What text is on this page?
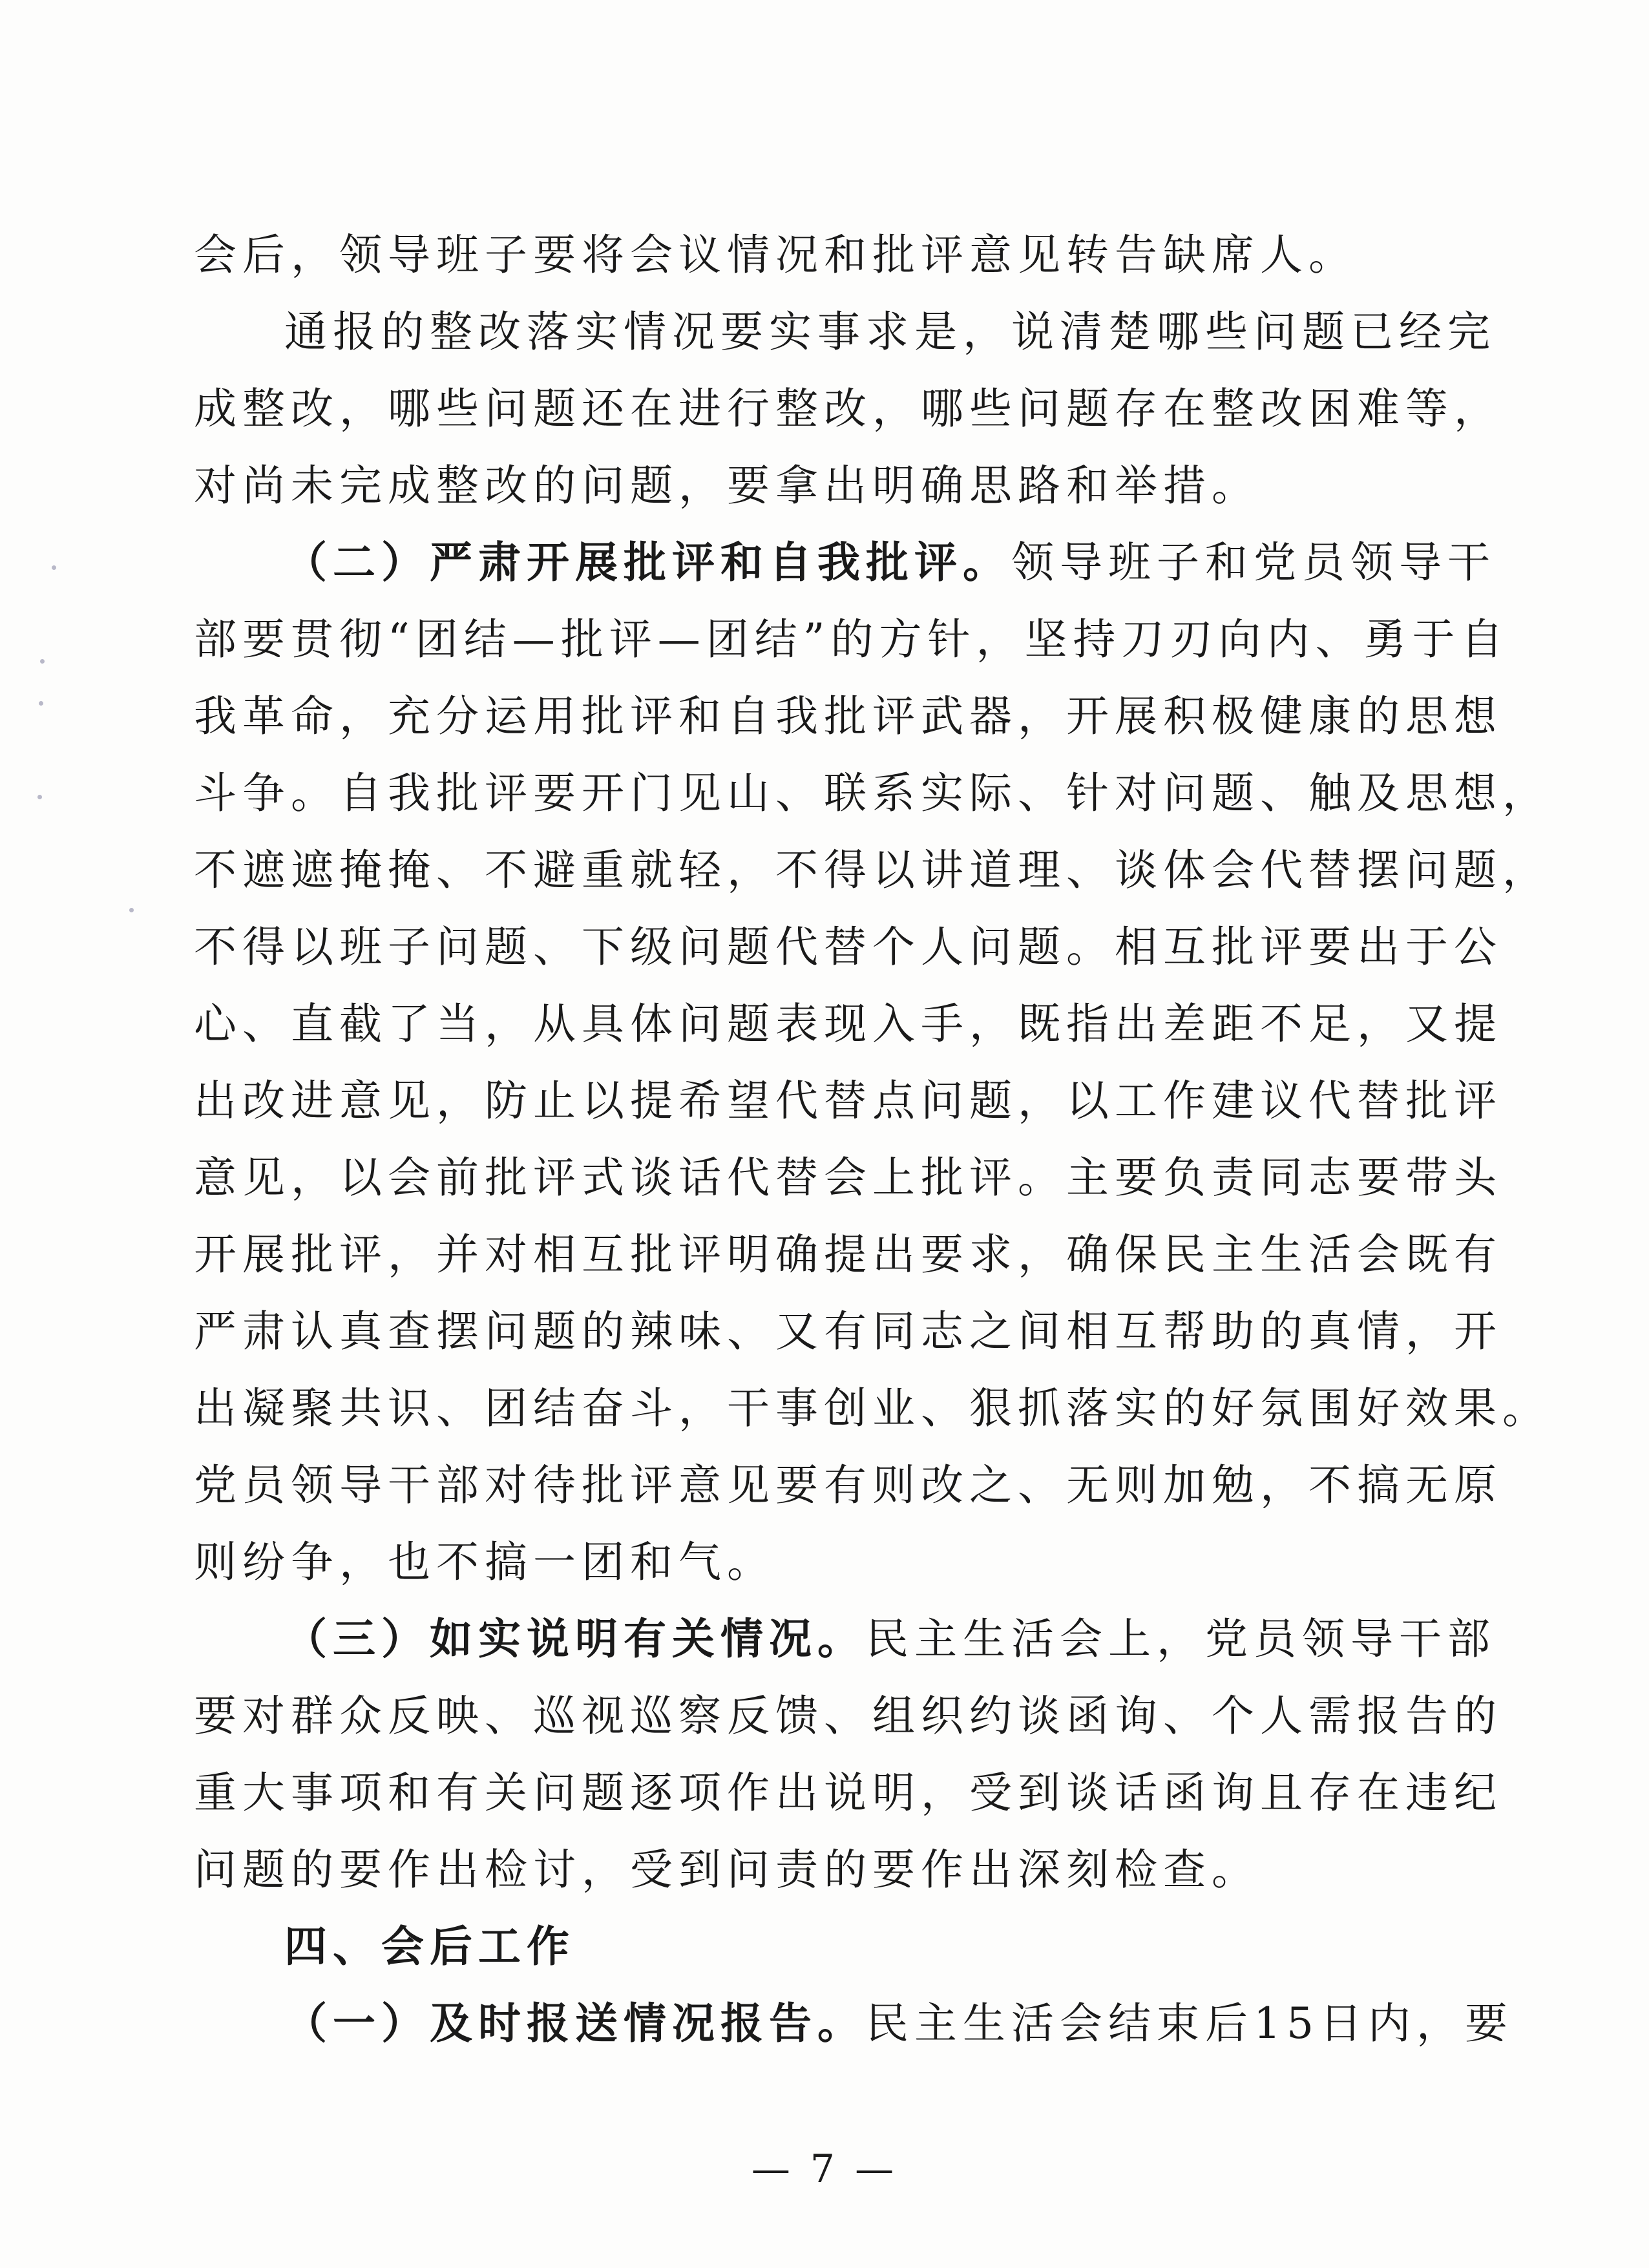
会后，领导班子要将会议情况和批评意见转告缺席人。
通报的整改落实情况要实事求是，说清楚哪些问题已经完
成整改，哪些问题还在进行整改，哪些问题存在整改困难等，
对尚未完成整改的问题，要拿出明确思路和举措。
（二）严肃开展批评和自我批评。领导班子和党员领导干
部要贯彻“团结—批评—团结”的方针，坚持刀刃向内、勇于自
我革命，充分运用批评和自我批评武器，开展积极健康的思想
斗争。自我批评要开门见山、联系实际、针对问题、触及思想，
不遮遮掩掩、不避重就轻，不得以讲道理、谈体会代替摆问题，
不得以班子问题、下级问题代替个人问题。相互批评要出于公
心、直截了当，从具体问题表现入手，既指出差距不足，又提
出改进意见，防止以提希望代替点问题，以工作建议代替批评
意见，以会前批评式谈话代替会上批评。主要负责同志要带头
开展批评，并对相互批评明确提出要求，确保民主生活会既有
严肃认真查摆问题的辣味、又有同志之间相互帮助的真情，开
出凝聚共识、团结奋斗，干事创业、狠抓落实的好氛围好效果。
党员领导干部对待批评意见要有则改之、无则加勉，不搞无原
则纷争，也不搞一团和气。
（三）如实说明有关情况。民主生活会上，党员领导干部
要对群众反映、巡视巡察反馈、组织约谈函询、个人需报告的
重大事项和有关问题逐项作出说明，受到谈话函询且存在违纪
问题的要作出检讨，受到问责的要作出深刻检查。
四、会后工作
（一）及时报送情况报告。民主生活会结束后15日内，要
— 7 —
